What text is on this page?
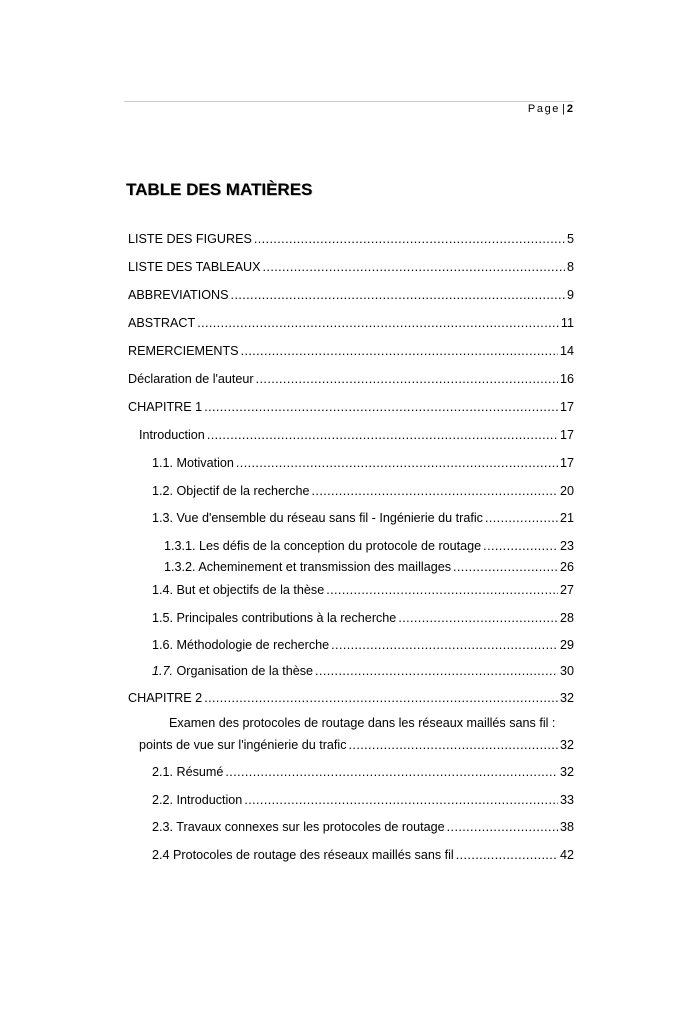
Page | 2
TABLE DES MATIÈRES
LISTE DES FIGURES .....	5
LISTE DES TABLEAUX .....	8
ABBREVIATIONS .....	9
ABSTRACT .....	11
REMERCIEMENTS .....	14
Déclaration de l'auteur .....	16
CHAPITRE 1 .....	17
Introduction .....	17
1.1. Motivation .....	17
1.2. Objectif de la recherche .....	20
1.3. Vue d'ensemble du réseau sans fil - Ingénierie du trafic .....	21
1.3.1. Les défis de la conception du protocole de routage .....	23
1.3.2. Acheminement et transmission des maillages .....	26
1.4. But et objectifs de la thèse .....	27
1.5. Principales contributions à la recherche .....	28
1.6. Méthodologie de recherche .....	29
1.7. Organisation de la thèse .....	30
CHAPITRE 2 .....	32
Examen des protocoles de routage dans les réseaux maillés sans fil :
points de vue sur l'ingénierie du trafic .....	32
2.1. Résumé .....	32
2.2. Introduction .....	33
2.3. Travaux connexes sur les protocoles de routage .....	38
2.4 Protocoles de routage des réseaux maillés sans fil .....	42
